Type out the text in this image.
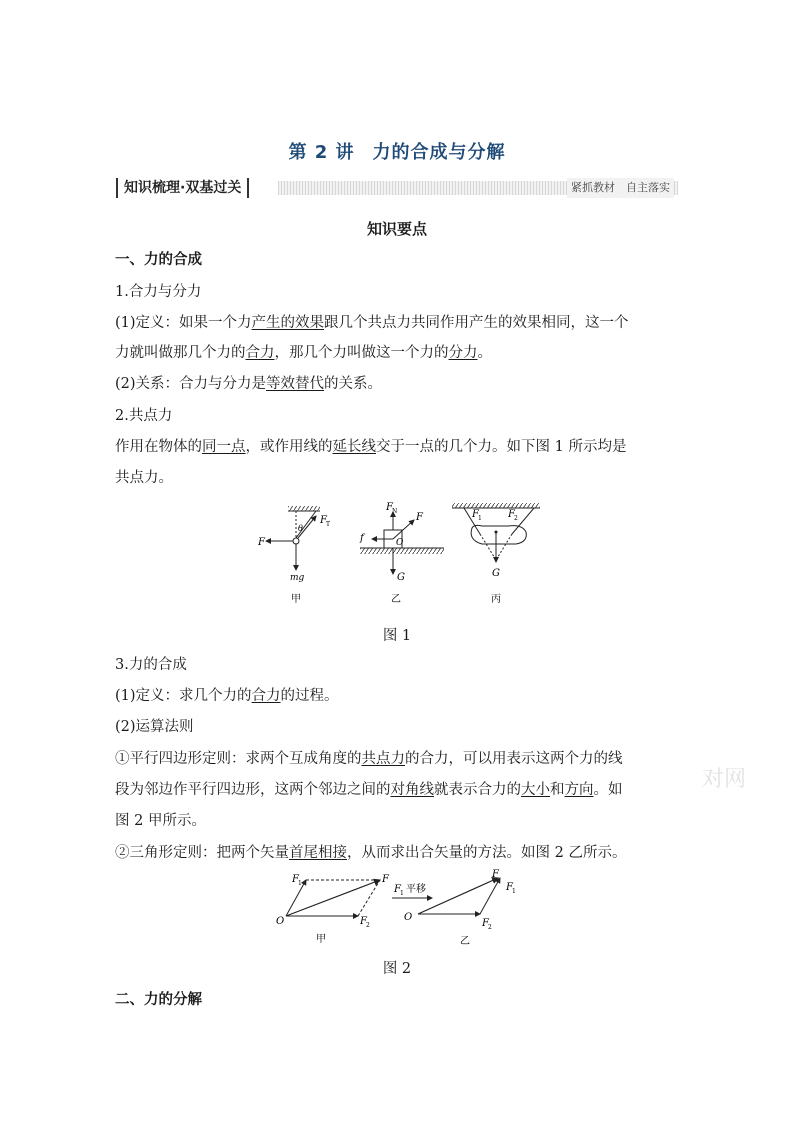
第 2 讲 力的合成与分解
知识梳理·双基过关	紧抓教材　自主落实
知识要点
一、力的合成
1.合力与分力
(1)定义：如果一个力产生的效果跟几个共点力共同作用产生的效果相同，这一个
力就叫做那几个力的合力，那几个力叫做这一个力的分力。
(2)关系：合力与分力是等效替代的关系。
2.共点力
作用在物体的同一点，或作用线的延长线交于一点的几个力。如下图 1 所示均是
共点力。
F
F T
θ
mg
甲
F N
F
f	O
G
乙
F 1	F 2
G
丙
图 1
3.力的合成
(1)定义：求几个力的合力的过程。
(2)运算法则
①平行四边形定则：求两个互成角度的共点力的合力，可以用表示这两个力的线
段为邻边作平行四边形，这两个邻边之间的对角线就表示合力的大小和方向。如
图 2 甲所示。
②三角形定则：把两个矢量首尾相接，从而求出合矢量的方法。如图 2 乙所示。
F 1	F
O	F 2
甲
F 1 平移
F
F 1
O
F 2
乙
图 2
二、力的分解
对网
